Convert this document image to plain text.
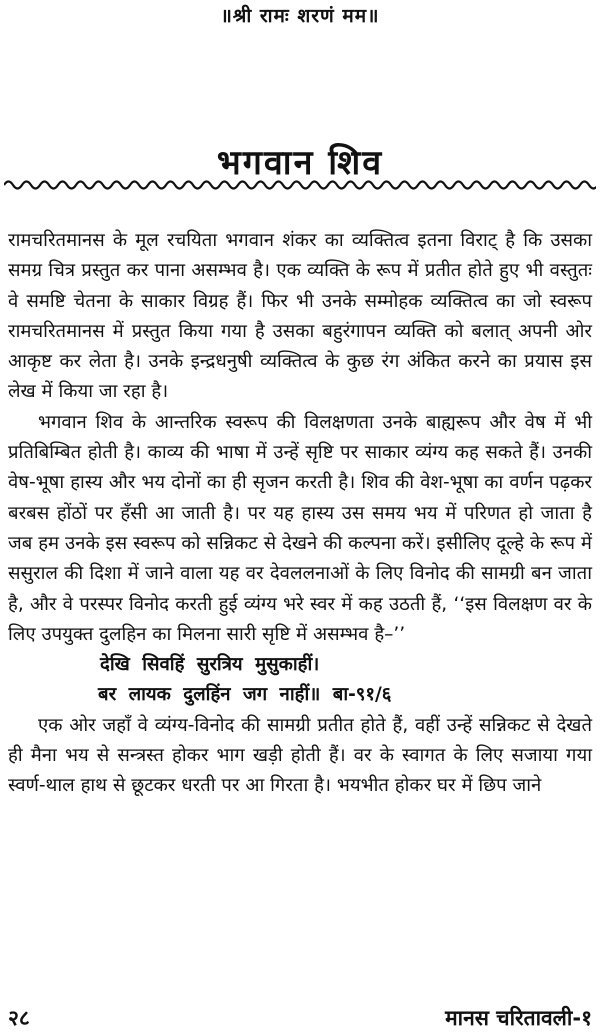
॥श्री रामः शरणं मम॥
भगवान शिव

रामचरितमानस के मूल रचयिता भगवान शंकर का व्यक्तित्व इतना विराट् है कि उसका समग्र चित्र प्रस्तुत कर पाना असम्भव है। एक व्यक्ति के रूप में प्रतीत होते हुए भी वस्तुतः वे समष्टि चेतना के साकार विग्रह हैं। फिर भी उनके सम्मोहक व्यक्तित्व का जो स्वरूप रामचरितमानस में प्रस्तुत किया गया है उसका बहुरंगापन व्यक्ति को बलात् अपनी ओर आकृष्ट कर लेता है। उनके इन्द्रधनुषी व्यक्तित्व के कुछ रंग अंकित करने का प्रयास इस लेख में किया जा रहा है।

भगवान शिव के आन्तरिक स्वरूप की विलक्षणता उनके बाह्यरूप और वेष में भी प्रतिबिम्बित होती है। काव्य की भाषा में उन्हें सृष्टि पर साकार व्यंग्य कह सकते हैं। उनकी वेष-भूषा हास्य और भय दोनों का ही सृजन करती है। शिव की वेश-भूषा का वर्णन पढ़कर बरबस होंठों पर हँसी आ जाती है। पर यह हास्य उस समय भय में परिणत हो जाता है जब हम उनके इस स्वरूप को सन्निकट से देखने की कल्पना करें। इसीलिए दूल्हे के रूप में ससुराल की दिशा में जाने वाला यह वर देवललनाओं के लिए विनोद की सामग्री बन जाता है, और वे परस्पर विनोद करती हुई व्यंग्य भरे स्वर में कह उठती हैं, ‘‘इस विलक्षण वर के लिए उपयुक्त दुलहिन का मिलना सारी सृष्टि में असम्भव है–’’

देखि सिवहिं सुरत्रिय मुसुकाहीं।

बर लायक दुलहिंन जग नाहीं॥ बा-९१/६

एक ओर जहाँ वे व्यंग्य-विनोद की सामग्री प्रतीत होते हैं, वहीं उन्हें सन्निकट से देखते ही मैना भय से सन्त्रस्त होकर भाग खड़ी होती हैं। वर के स्वागत के लिए सजाया गया स्वर्ण-थाल हाथ से छूटकर धरती पर आ गिरता है। भयभीत होकर घर में छिप जाने

२८	मानस चरितावली-१
